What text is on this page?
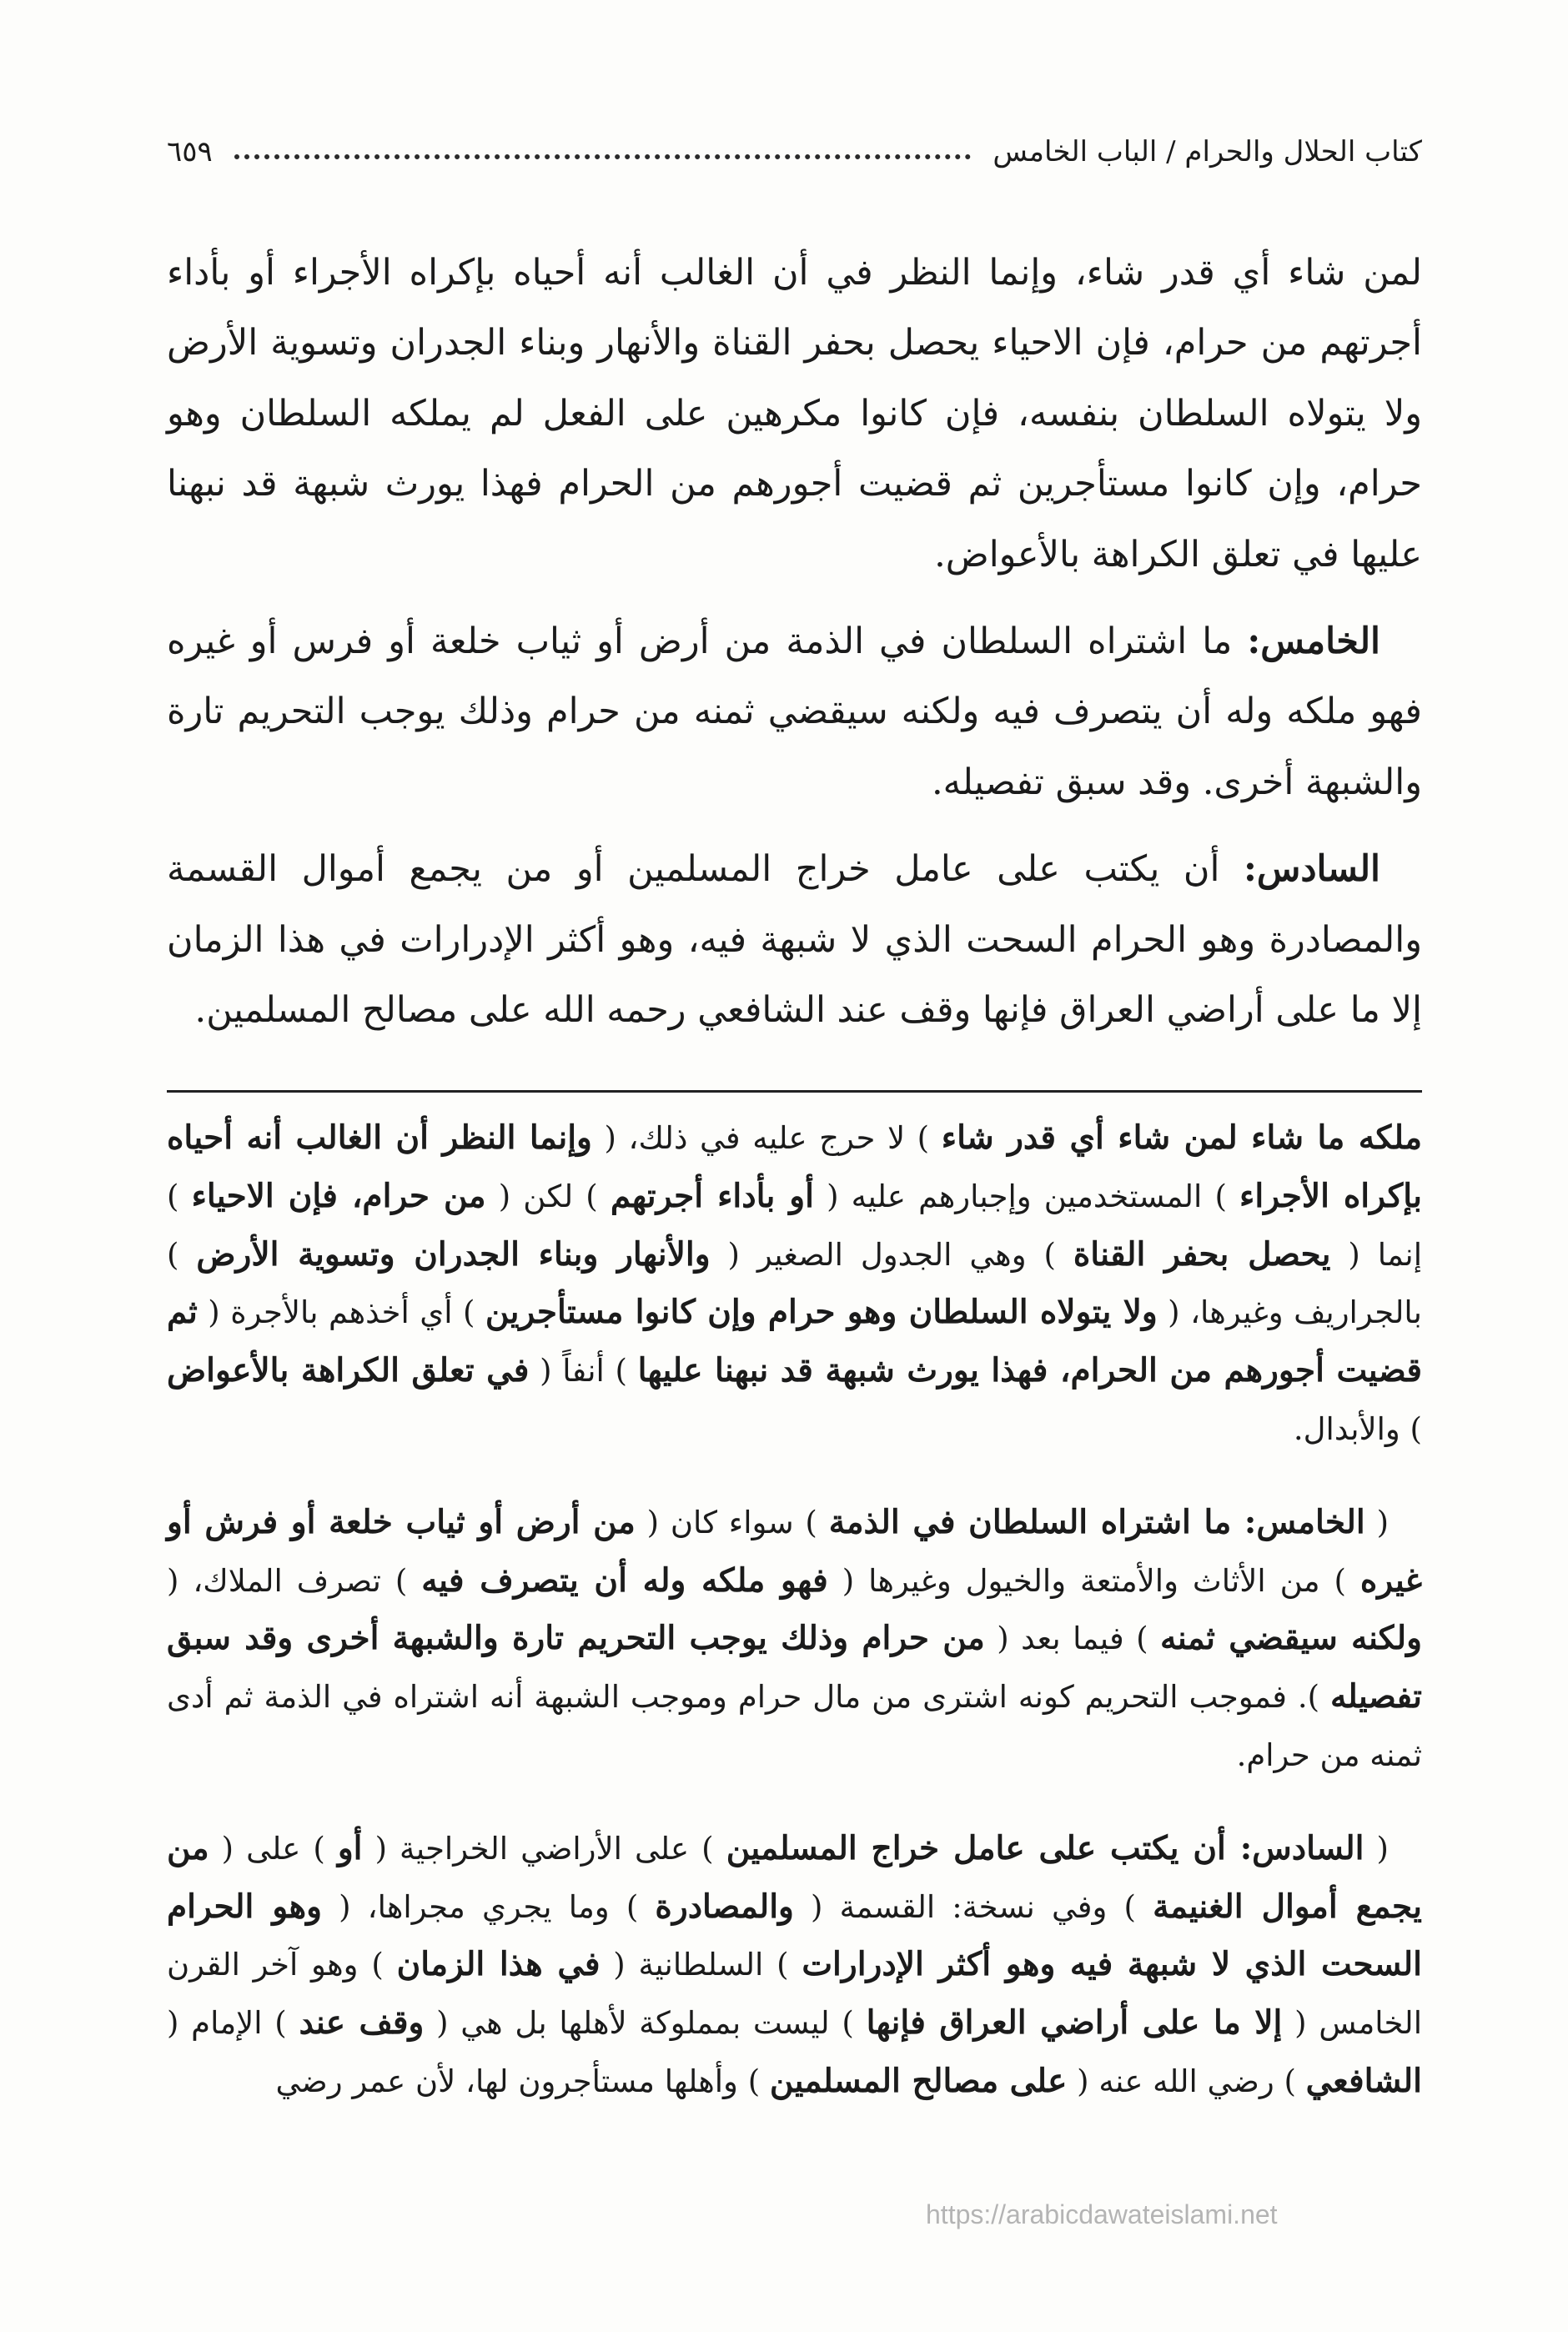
كتاب الحلال والحرام / الباب الخامس
٦٥٩

لمن شاء أي قدر شاء، وإنما النظر في أن الغالب أنه أحياه بإكراه الأجراء أو بأداء أجرتهم من حرام، فإن الاحياء يحصل بحفر القناة والأنهار وبناء الجدران وتسوية الأرض ولا يتولاه السلطان بنفسه، فإن كانوا مكرهين على الفعل لم يملكه السلطان وهو حرام، وإن كانوا مستأجرين ثم قضيت أجورهم من الحرام فهذا يورث شبهة قد نبهنا عليها في تعلق الكراهة بالأعواض.

الخامس: ما اشتراه السلطان في الذمة من أرض أو ثياب خلعة أو فرس أو غيره فهو ملكه وله أن يتصرف فيه ولكنه سيقضي ثمنه من حرام وذلك يوجب التحريم تارة والشبهة أخرى. وقد سبق تفصيله.

السادس: أن يكتب على عامل خراج المسلمين أو من يجمع أموال القسمة والمصادرة وهو الحرام السحت الذي لا شبهة فيه، وهو أكثر الإدرارات في هذا الزمان إلا ما على أراضي العراق فإنها وقف عند الشافعي رحمه الله على مصالح المسلمين.

ملكه ما شاء لمن شاء أي قدر شاء ) لا حرج عليه في ذلك، ( وإنما النظر أن الغالب أنه أحياه بإكراه الأجراء ) المستخدمين وإجبارهم عليه ( أو بأداء أجرتهم ) لكن ( من حرام، فإن الاحياء ) إنما ( يحصل بحفر القناة ) وهي الجدول الصغير ( والأنهار وبناء الجدران وتسوية الأرض ) بالجراريف وغيرها، ( ولا يتولاه السلطان وهو حرام وإن كانوا مستأجرين ) أي أخذهم بالأجرة ( ثم قضيت أجورهم من الحرام، فهذا يورث شبهة قد نبهنا عليها ) أنفاً ( في تعلق الكراهة بالأعواض ) والأبدال.

( الخامس: ما اشتراه السلطان في الذمة ) سواء كان ( من أرض أو ثياب خلعة أو فرش أو غيره ) من الأثاث والأمتعة والخيول وغيرها ( فهو ملكه وله أن يتصرف فيه ) تصرف الملاك، ( ولكنه سيقضي ثمنه ) فيما بعد ( من حرام وذلك يوجب التحريم تارة والشبهة أخرى وقد سبق تفصيله ). فموجب التحريم كونه اشترى من مال حرام وموجب الشبهة أنه اشتراه في الذمة ثم أدى ثمنه من حرام.

( السادس: أن يكتب على عامل خراج المسلمين ) على الأراضي الخراجية ( أو ) على ( من يجمع أموال الغنيمة ) وفي نسخة: القسمة ( والمصادرة ) وما يجري مجراها، ( وهو الحرام السحت الذي لا شبهة فيه وهو أكثر الإدرارات ) السلطانية ( في هذا الزمان ) وهو آخر القرن الخامس ( إلا ما على أراضي العراق فإنها ) ليست بمملوكة لأهلها بل هي ( وقف عند ) الإمام ( الشافعي ) رضي الله عنه ( على مصالح المسلمين ) وأهلها مستأجرون لها، لأن عمر رضي

https://arabicdawateislami.net
